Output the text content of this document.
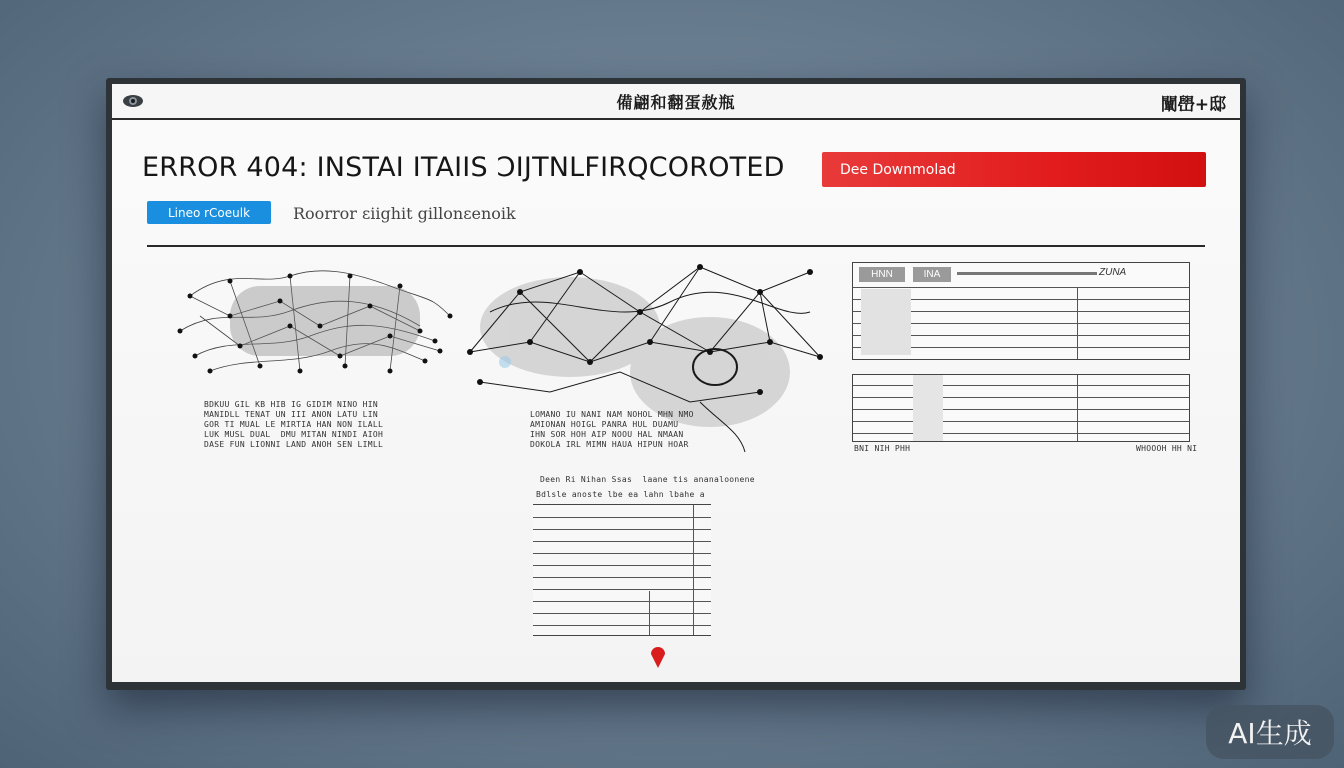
備翩和翻蛋赦瓶	闡嶨+邸
ERROR 404: INSTAI ITAIIS ƆIJTNLFIRQCOROTED	Dee Downmolad
Lineo rCoeulk	Roorror ɛiighit gillonɛenoik
BDKUU GIL KB HIB IG GIDIM NINO HIN
MANIDLL TENAT UN III ANON LATU LIN
GOR TI MUAL LE MIRTIA HAN NON ILALL
LUK MUSL DUAL  DMU MITAN NINDI AIOH
DASE FUN LIONNI LAND ANOH SEN LIMLL
LOMANO IU NANI NAM NOHOL MHN NMO
AMIONAN HOIGL PANRA HUL DUAMU
IHN SOR HOH AIP NOOU HAL NMAAN
DOKOLA IRL MIMN HAUA HIPUN HOAR
HNN	INA	ZUNA
BNI NIH PHH	WHOOOH HH NI
Deen Ri Nihan Ssas  laane tis ananaloonene
Bdlsle anoste lbe ea lahn lbahe a
AI生成
